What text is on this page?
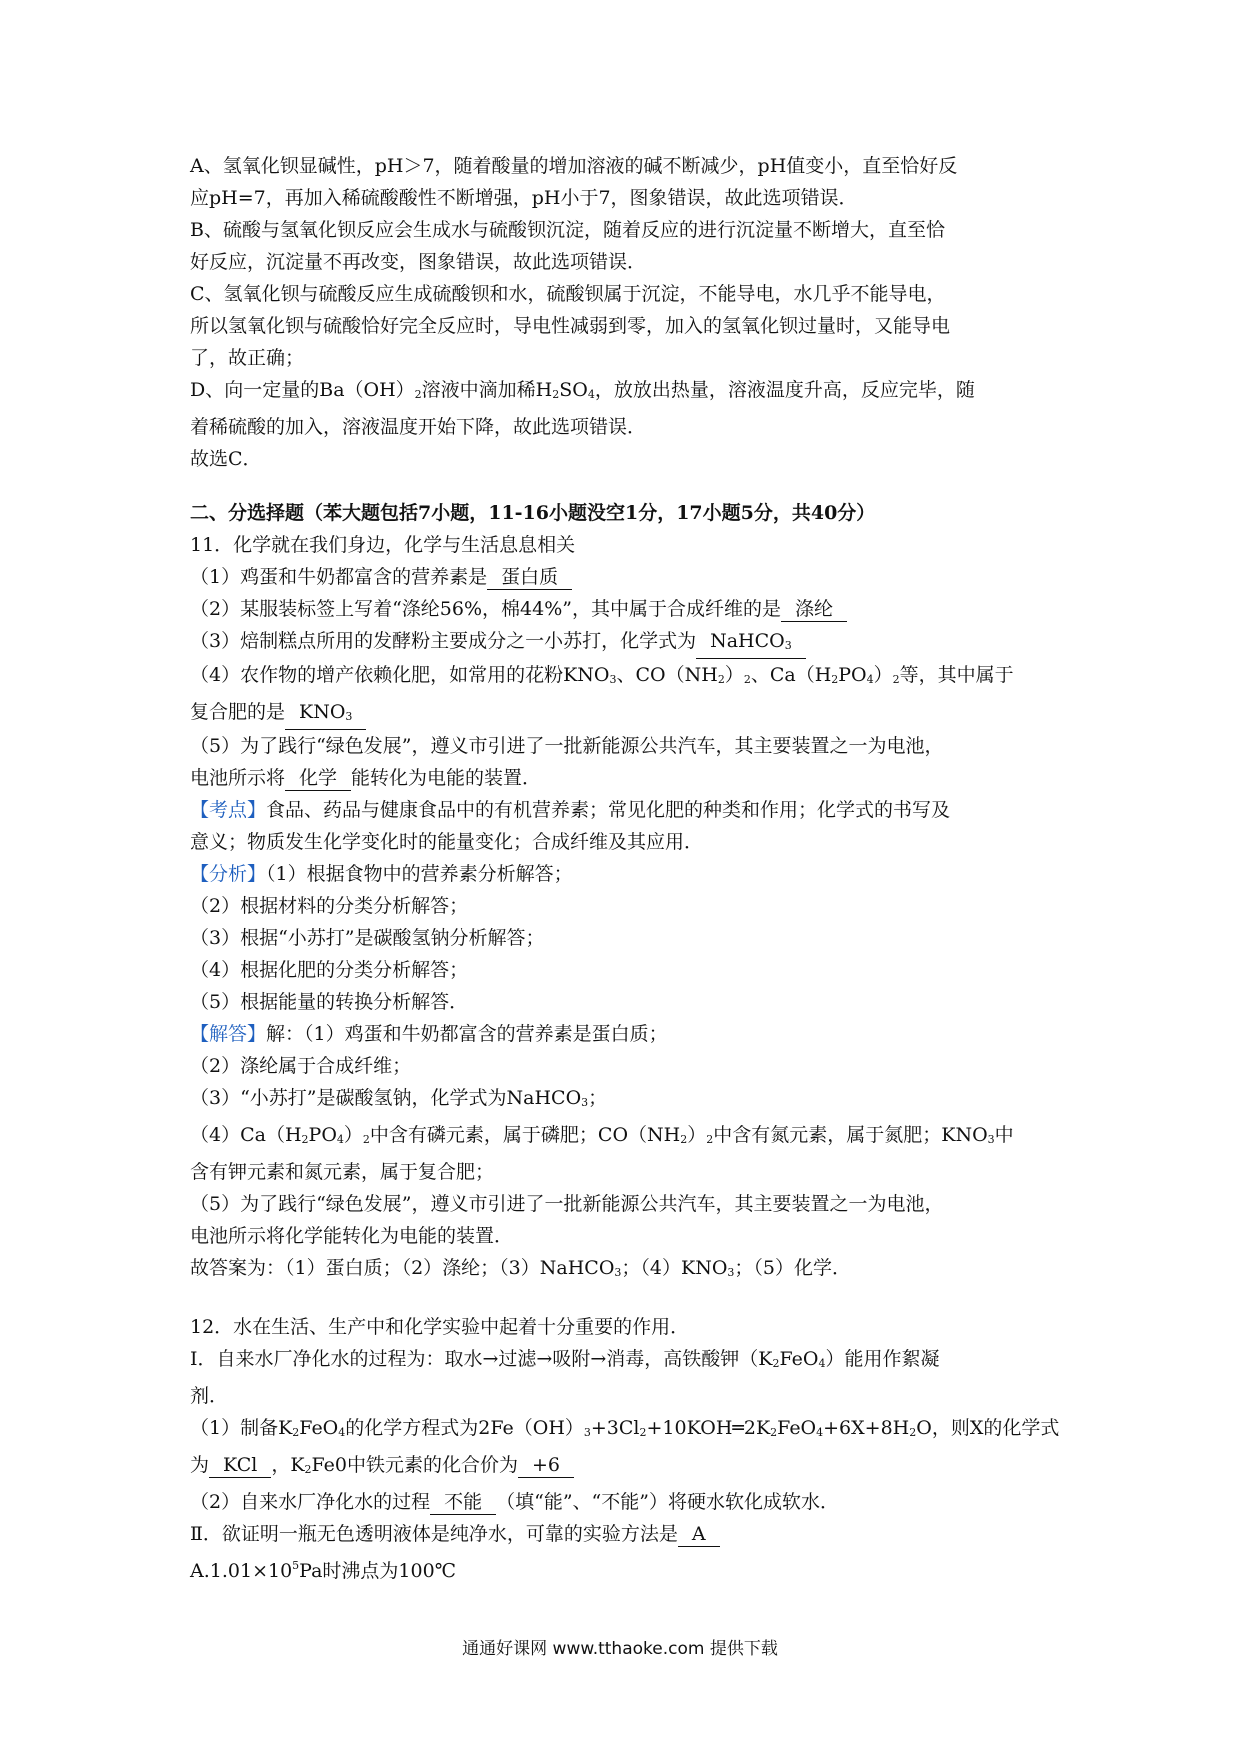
A、氢氧化钡显碱性，pH＞7，随着酸量的增加溶液的碱不断减少，pH值变小，直至恰好反
应pH=7，再加入稀硫酸酸性不断增强，pH小于7，图象错误，故此选项错误．
B、硫酸与氢氧化钡反应会生成水与硫酸钡沉淀，随着反应的进行沉淀量不断增大，直至恰
好反应，沉淀量不再改变，图象错误，故此选项错误．
C、氢氧化钡与硫酸反应生成硫酸钡和水，硫酸钡属于沉淀，不能导电，水几乎不能导电，
所以氢氧化钡与硫酸恰好完全反应时，导电性减弱到零，加入的氢氧化钡过量时，又能导电
了，故正确；
D、向一定量的$Ba(OH)_2$溶液中滴加稀$H_2SO_4$，放放出热量，溶液温度升高，反应完毕，随
着稀硫酸的加入，溶液温度开始下降，故此选项错误．
故选C．
二、分选择题（苯大题包括7小题，11-16小题没空1分，17小题5分，共40分）
11．化学就在我们身边，化学与生活息息相关
（1）鸡蛋和牛奶都富含的营养素是 蛋白质
（2）某服装标签上写着“涤纶56%，棉44%”，其中属于合成纤维的是 涤纶
（3）焙制糕点所用的发酵粉主要成分之一小苏打，化学式为 NaHCO$_3$
（4）农作物的增产依赖化肥，如常用的花粉$KNO_3$、$CO(NH_2)_2$、$Ca(H_2PO_4)_2$等，其中属于
复合肥的是 $KNO_3$
（5）为了践行“绿色发展”，遵义市引进了一批新能源公共汽车，其主要装置之一为电池，
电池所示将 化学 能转化为电能的装置．
【考点】食品、药品与健康食品中的有机营养素；常见化肥的种类和作用；化学式的书写及
意义；物质发生化学变化时的能量变化；合成纤维及其应用．
【分析】（1）根据食物中的营养素分析解答；
（2）根据材料的分类分析解答；
（3）根据“小苏打”是碳酸氢钠分析解答；
（4）根据化肥的分类分析解答；
（5）根据能量的转换分析解答．
【解答】解：（1）鸡蛋和牛奶都富含的营养素是蛋白质；
（2）涤纶属于合成纤维；
（3）“小苏打”是碳酸氢钠，化学式为NaHCO$_3$；
$(4)Ca(H_2PO_4)_2$中含有磷元素，属于磷肥；$CO(NH_2)_2$中含有氮元素，属于氮肥；$KNO_3$中
含有钾元素和氮元素，属于复合肥；
（5）为了践行“绿色发展”，遵义市引进了一批新能源公共汽车，其主要装置之一为电池，
电池所示将化学能转化为电能的装置．
故答案为：（1）蛋白质；（2）涤纶；（3）NaHCO$_3$；$(4)KNO_3$；（5）化学．
12．水在生活、生产中和化学实验中起着十分重要的作用．
Ⅰ．自来水厂净化水的过程为：取水→过滤→吸附→消毒，高铁酸钾$(K_2FeO_4)$能用作絮凝
剂．
（1）制备$K_2FeO_4$的化学方程式为$2Fe(OH)_3+3Cl_2+10KOH═2K_2FeO_4+6X+8H_2O$，则X的化学式
为 KCl ，$K_2Fe0$中铁元素的化合价为 +6
（2）自来水厂净化水的过程 不能 （填“能”、“不能”）将硬水软化成软水．
Ⅱ．欲证明一瓶无色透明液体是纯净水，可靠的实验方法是 A
$A.1.01\times 10^5Pa$时沸点为100℃
通通好课网 www.tthaoke.com 提供下载
